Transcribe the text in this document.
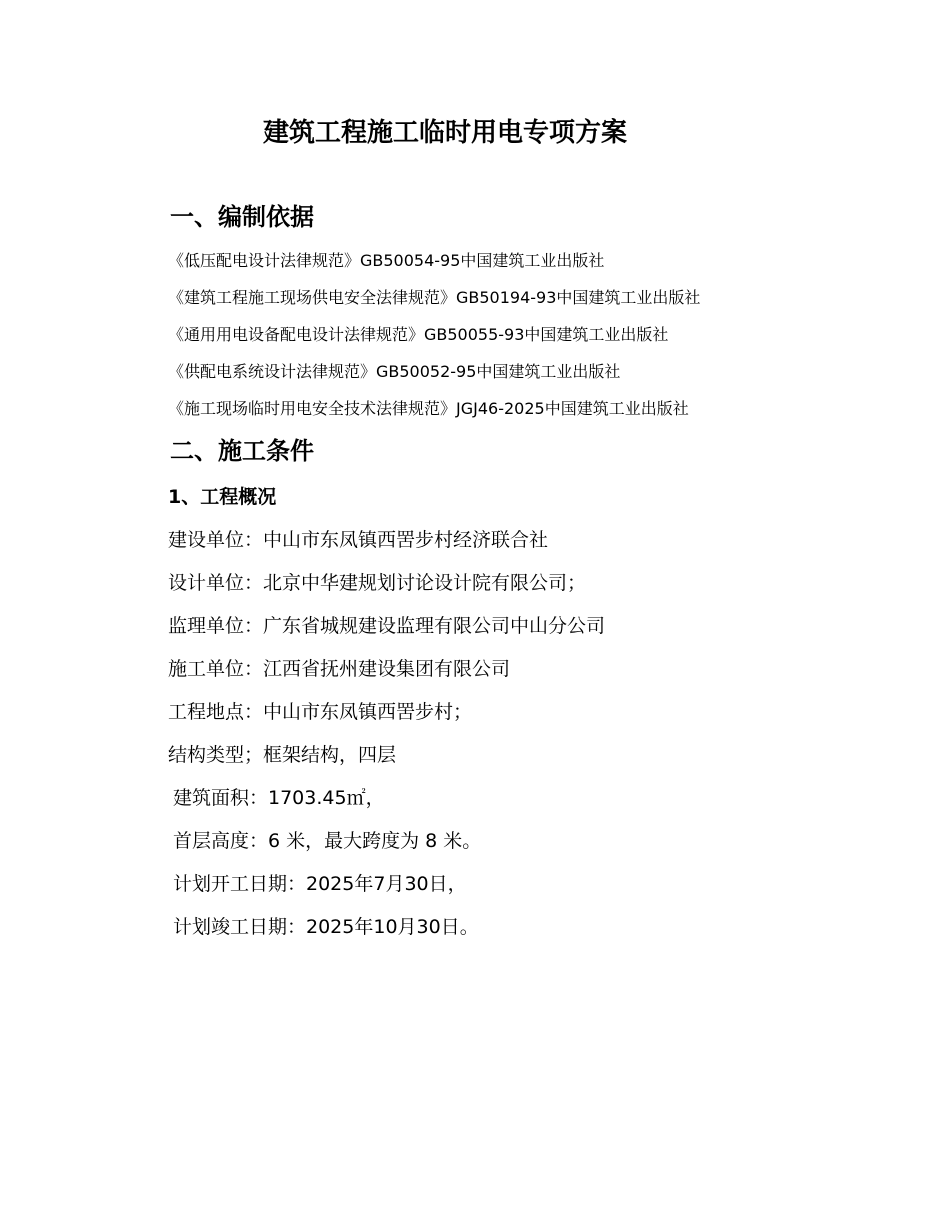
建筑工程施工临时用电专项方案
一、编制依据
《低压配电设计法律规范》GB50054-95中国建筑工业出版社
《建筑工程施工现场供电安全法律规范》GB50194-93中国建筑工业出版社
《通用用电设备配电设计法律规范》GB50055-93中国建筑工业出版社
《供配电系统设计法律规范》GB50052-95中国建筑工业出版社
《施工现场临时用电安全技术法律规范》JGJ46-2025中国建筑工业出版社
二、施工条件
1、工程概况
建设单位：中山市东凤镇西罟步村经济联合社
设计单位：北京中华建规划讨论设计院有限公司；
监理单位：广东省城规建设监理有限公司中山分公司
施工单位：江西省抚州建设集团有限公司
工程地点：中山市东凤镇西罟步村；
结构类型；框架结构，四层
建筑面积：1703.45㎡，
首层高度：6 米，最大跨度为 8 米。
计划开工日期：2025年7月30日，
计划竣工日期：2025年10月30日。
